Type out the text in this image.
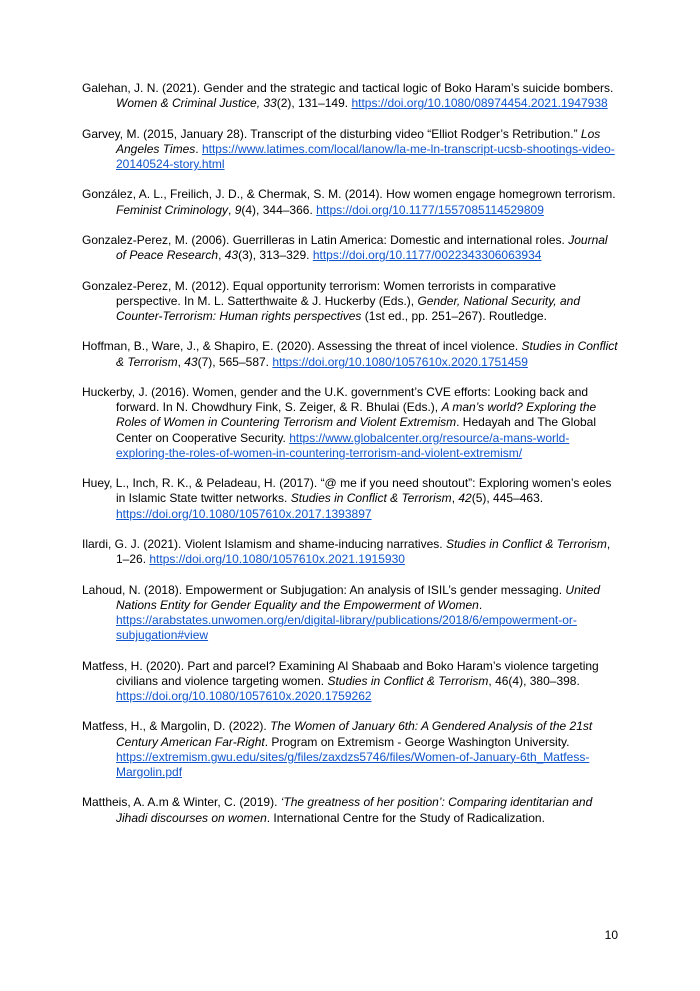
Galehan, J. N. (2021). Gender and the strategic and tactical logic of Boko Haram’s suicide bombers. Women & Criminal Justice, 33(2), 131–149. https://doi.org/10.1080/08974454.2021.1947938

Garvey, M. (2015, January 28). Transcript of the disturbing video “Elliot Rodger’s Retribution.” Los Angeles Times. https://www.latimes.com/local/lanow/la-me-ln-transcript-ucsb-shootings-video-20140524-story.html

González, A. L., Freilich, J. D., & Chermak, S. M. (2014). How women engage homegrown terrorism. Feminist Criminology, 9(4), 344–366. https://doi.org/10.1177/1557085114529809

Gonzalez-Perez, M. (2006). Guerrilleras in Latin America: Domestic and international roles. Journal of Peace Research, 43(3), 313–329. https://doi.org/10.1177/0022343306063934

Gonzalez-Perez, M. (2012). Equal opportunity terrorism: Women terrorists in comparative perspective. In M. L. Satterthwaite & J. Huckerby (Eds.), Gender, National Security, and Counter-Terrorism: Human rights perspectives (1st ed., pp. 251–267). Routledge.

Hoffman, B., Ware, J., & Shapiro, E. (2020). Assessing the threat of incel violence. Studies in Conflict & Terrorism, 43(7), 565–587. https://doi.org/10.1080/1057610x.2020.1751459

Huckerby, J. (2016). Women, gender and the U.K. government’s CVE efforts: Looking back and forward. In N. Chowdhury Fink, S. Zeiger, & R. Bhulai (Eds.), A man’s world? Exploring the Roles of Women in Countering Terrorism and Violent Extremism. Hedayah and The Global Center on Cooperative Security. https://www.globalcenter.org/resource/a-mans-world-exploring-the-roles-of-women-in-countering-terrorism-and-violent-extremism/

Huey, L., Inch, R. K., & Peladeau, H. (2017). “@ me if you need shoutout”: Exploring women’s eoles in Islamic State twitter networks. Studies in Conflict & Terrorism, 42(5), 445–463. https://doi.org/10.1080/1057610x.2017.1393897

Ilardi, G. J. (2021). Violent Islamism and shame-inducing narratives. Studies in Conflict & Terrorism, 1–26. https://doi.org/10.1080/1057610x.2021.1915930

Lahoud, N. (2018). Empowerment or Subjugation: An analysis of ISIL’s gender messaging. United Nations Entity for Gender Equality and the Empowerment of Women. https://arabstates.unwomen.org/en/digital-library/publications/2018/6/empowerment-or-subjugation#view

Matfess, H. (2020). Part and parcel? Examining Al Shabaab and Boko Haram’s violence targeting civilians and violence targeting women. Studies in Conflict & Terrorism, 46(4), 380–398. https://doi.org/10.1080/1057610x.2020.1759262

Matfess, H., & Margolin, D. (2022). The Women of January 6th: A Gendered Analysis of the 21st Century American Far-Right. Program on Extremism - George Washington University. https://extremism.gwu.edu/sites/g/files/zaxdzs5746/files/Women-of-January-6th_Matfess-Margolin.pdf

Mattheis, A. A.m & Winter, C. (2019). ‘The greatness of her position’: Comparing identitarian and Jihadi discourses on women. International Centre for the Study of Radicalization.

10
